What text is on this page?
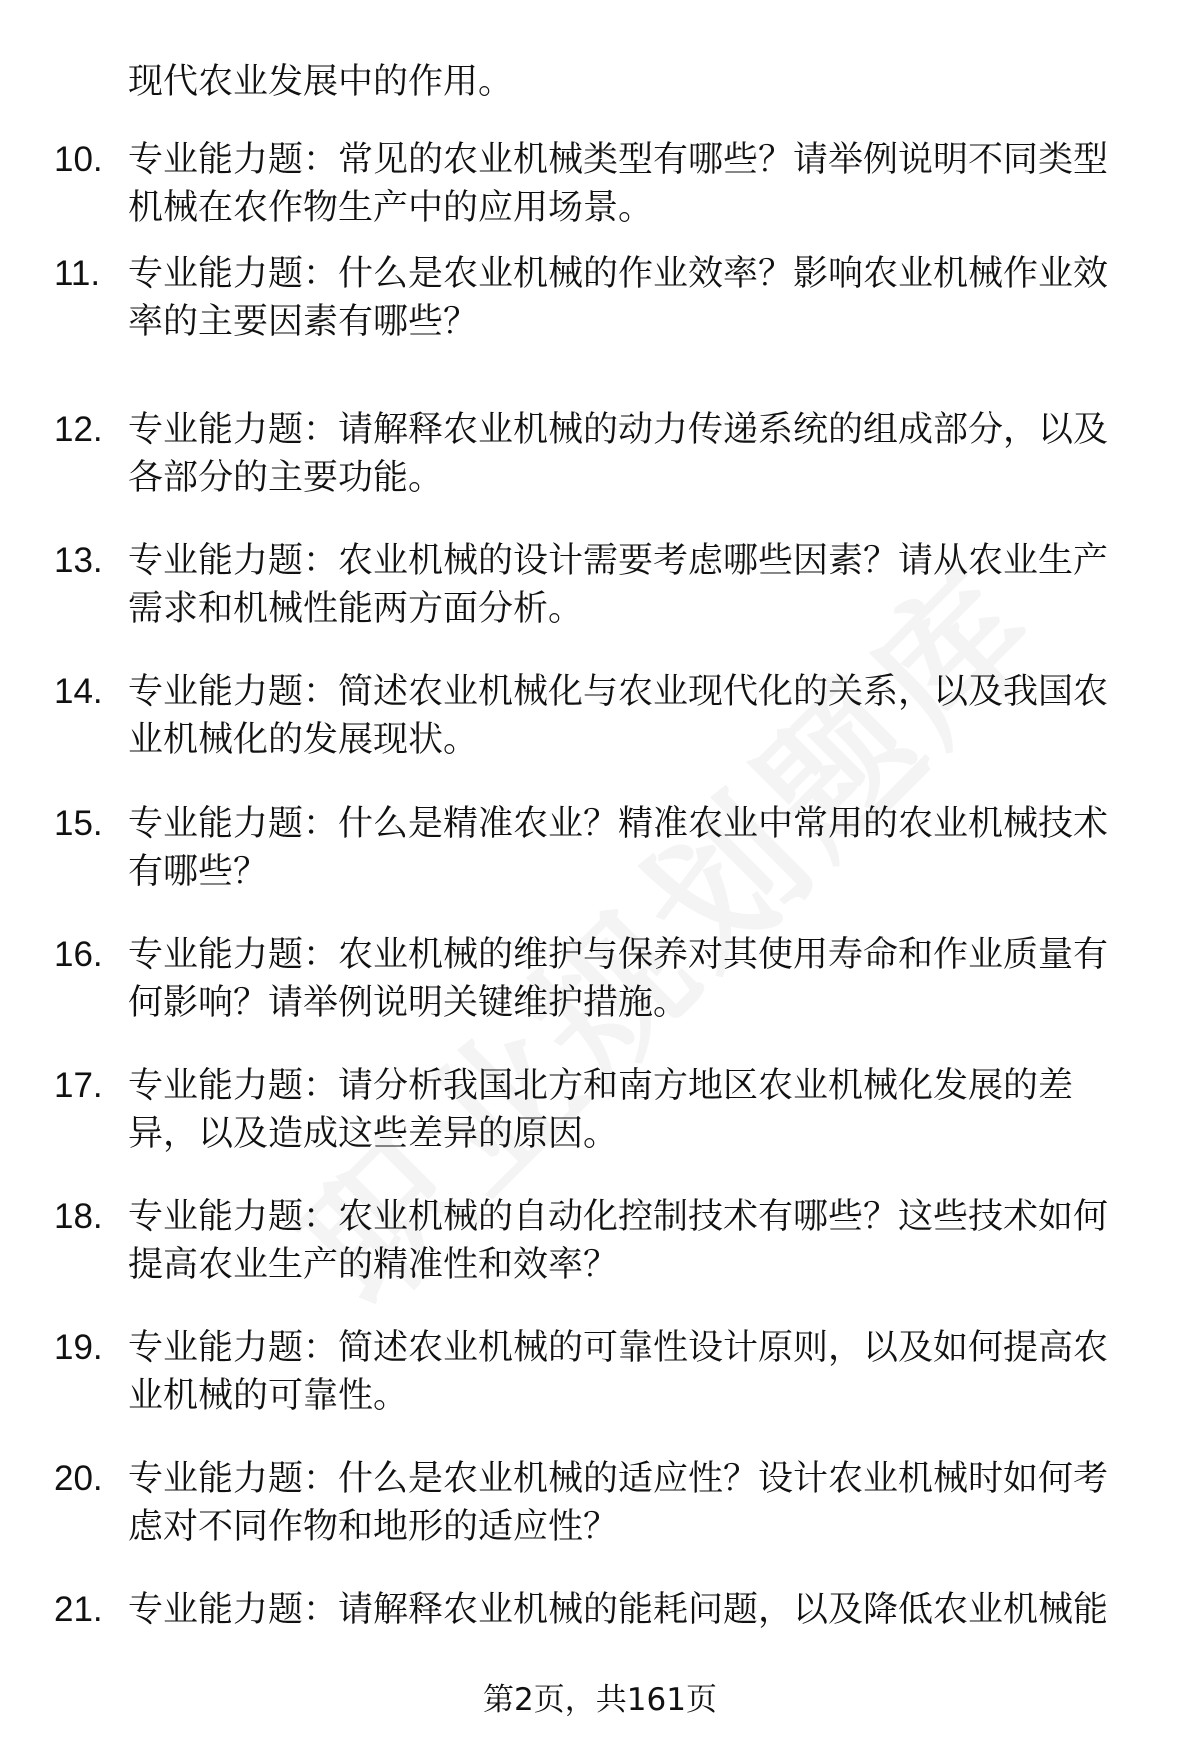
现代农业发展中的作用。
10. 专业能力题：常见的农业机械类型有哪些？请举例说明不同类型
机械在农作物生产中的应用场景。
11. 专业能力题：什么是农业机械的作业效率？影响农业机械作业效
率的主要因素有哪些？
12. 专业能力题：请解释农业机械的动力传递系统的组成部分，以及
各部分的主要功能。
13. 专业能力题：农业机械的设计需要考虑哪些因素？请从农业生产
需求和机械性能两方面分析。
14. 专业能力题：简述农业机械化与农业现代化的关系，以及我国农
业机械化的发展现状。
15. 专业能力题：什么是精准农业？精准农业中常用的农业机械技术
有哪些？
16. 专业能力题：农业机械的维护与保养对其使用寿命和作业质量有
何影响？请举例说明关键维护措施。
17. 专业能力题：请分析我国北方和南方地区农业机械化发展的差
异，以及造成这些差异的原因。
18. 专业能力题：农业机械的自动化控制技术有哪些？这些技术如何
提高农业生产的精准性和效率？
19. 专业能力题：简述农业机械的可靠性设计原则，以及如何提高农
业机械的可靠性。
20. 专业能力题：什么是农业机械的适应性？设计农业机械时如何考
虑对不同作物和地形的适应性？
21. 专业能力题：请解释农业机械的能耗问题，以及降低农业机械能
第2页，共161页
